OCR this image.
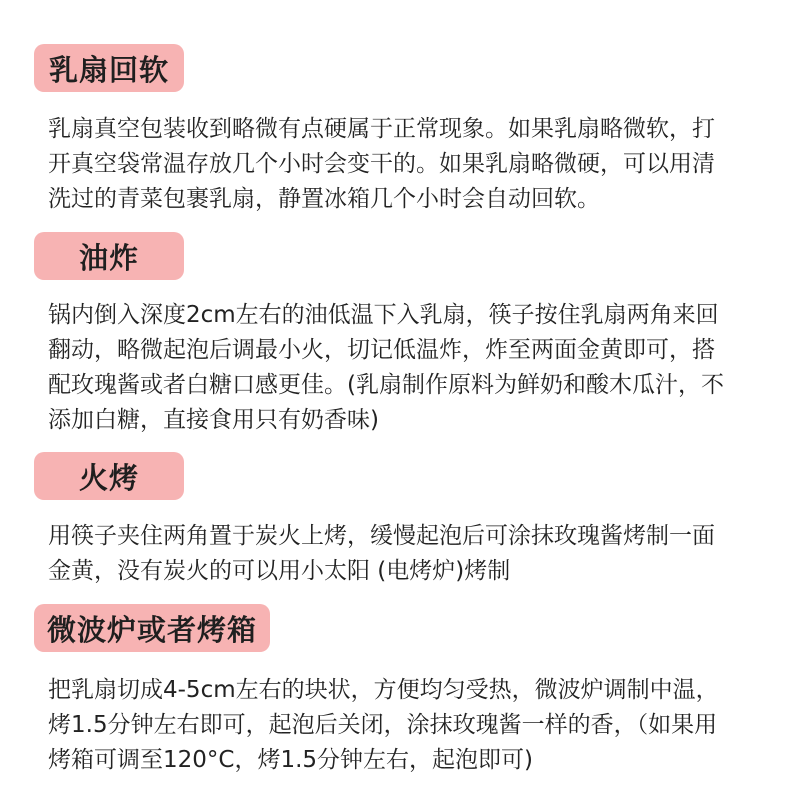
乳扇回软
乳扇真空包装收到略微有点硬属于正常现象。如果乳扇略微软，打
开真空袋常温存放几个小时会变干的。如果乳扇略微硬，可以用清
洗过的青菜包裹乳扇，静置冰箱几个小时会自动回软。
油炸
锅内倒入深度2cm左右的油低温下入乳扇，筷子按住乳扇两角来回
翻动，略微起泡后调最小火，切记低温炸，炸至两面金黄即可，搭
配玫瑰酱或者白糖口感更佳。(乳扇制作原料为鲜奶和酸木瓜汁，不
添加白糖，直接食用只有奶香味)
火烤
用筷子夹住两角置于炭火上烤，缓慢起泡后可涂抹玫瑰酱烤制一面
金黄，没有炭火的可以用小太阳 (电烤炉)烤制
微波炉或者烤箱
把乳扇切成4-5cm左右的块状，方便均匀受热，微波炉调制中温，
烤1.5分钟左右即可，起泡后关闭，涂抹玫瑰酱一样的香，（如果用
烤箱可调至120°C，烤1.5分钟左右，起泡即可)
